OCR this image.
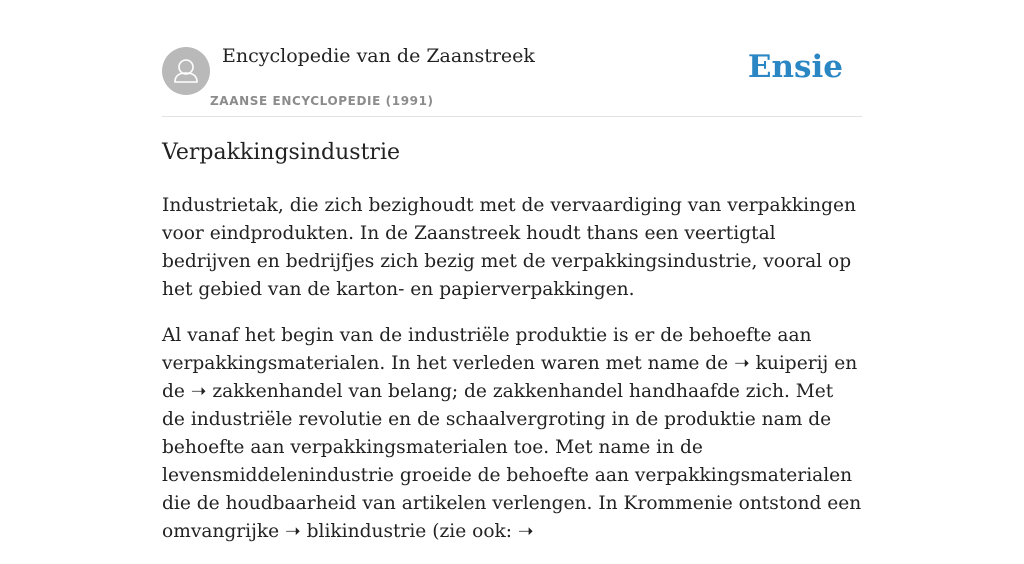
Encyclopedie van de Zaanstreek
ZAANSE ENCYCLOPEDIE (1991)
Ensie
Verpakkingsindustrie

Industrietak, die zich bezighoudt met de vervaardiging van verpakkingen voor eindprodukten. In de Zaanstreek houdt thans een veertigtal bedrijven en bedrijfjes zich bezig met de verpakkingsindustrie, vooral op het gebied van de karton- en papierverpakkingen.

Al vanaf het begin van de industriële produktie is er de behoefte aan verpakkingsmaterialen. In het verleden waren met name de ➝ kuiperij en de ➝ zakkenhandel van belang; de zakkenhandel handhaafde zich. Met de industriële revolutie en de schaalvergroting in de produktie nam de behoefte aan verpakkingsmaterialen toe. Met name in de levensmiddelenindustrie groeide de behoefte aan verpakkingsmaterialen die de houdbaarheid van artikelen verlengen. In Krommenie ontstond een omvangrijke ➝ blikindustrie (zie ook: ➝
